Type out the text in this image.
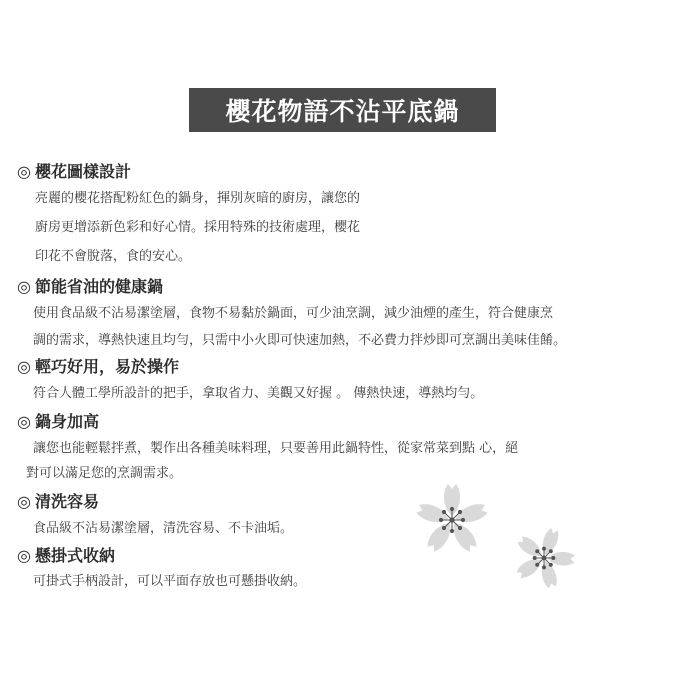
櫻花物語不沾平底鍋
◎ 櫻花圖樣設計
亮麗的櫻花搭配粉紅色的鍋身，揮別灰暗的廚房，讓您的
廚房更增添新色彩和好心情。採用特殊的技術處理，櫻花
印花不會脫落，食的安心。
◎ 節能省油的健康鍋
使用食品級不沾易潔塗層，食物不易黏於鍋面，可少油烹調，減少油煙的產生，符合健康烹
調的需求，導熱快速且均勻，只需中小火即可快速加熱，不必費力拌炒即可烹調出美味佳餚。
◎ 輕巧好用，易於操作
符合人體工學所設計的把手，拿取省力、美觀又好握 。 傳熱快速，導熱均勻。
◎ 鍋身加高
讓您也能輕鬆拌煮，製作出各種美味料理，只要善用此鍋特性，從家常菜到點 心，絕
對可以滿足您的烹調需求。
◎ 清洗容易
食品級不沾易潔塗層，清洗容易、不卡油垢。
◎ 懸掛式收納
可掛式手柄設計，可以平面存放也可懸掛收納。
